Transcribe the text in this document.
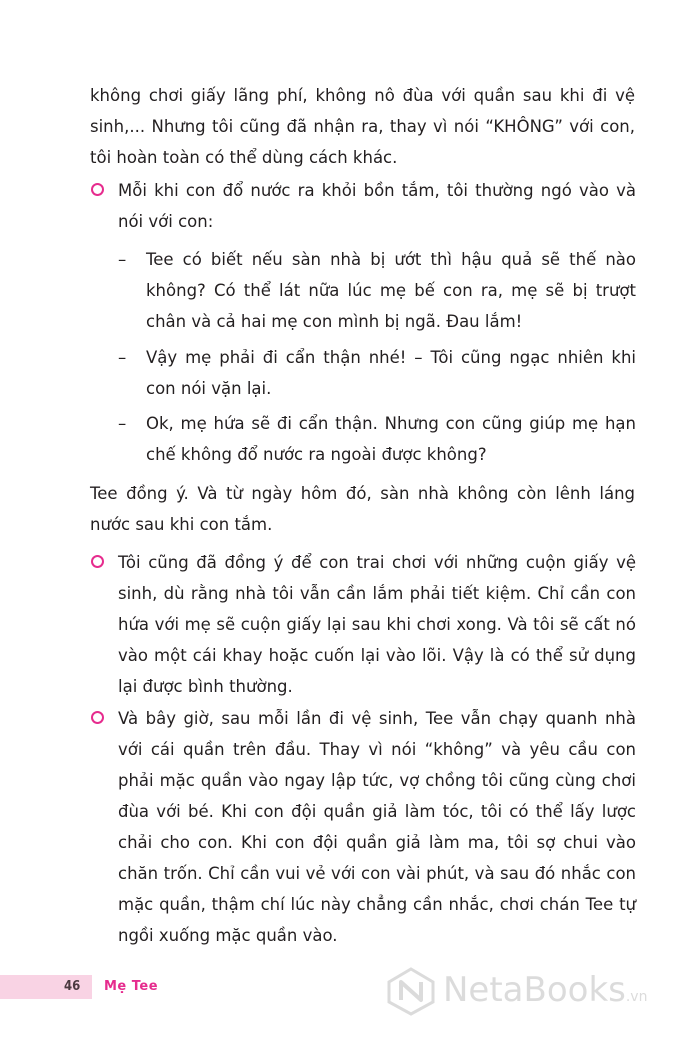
không chơi giấy lãng phí, không nô đùa với quần sau khi đi vệ sinh,... Nhưng tôi cũng đã nhận ra, thay vì nói “KHÔNG” với con, tôi hoàn toàn có thể dùng cách khác.

Mỗi khi con đổ nước ra khỏi bồn tắm, tôi thường ngó vào và nói với con:

– Tee có biết nếu sàn nhà bị ướt thì hậu quả sẽ thế nào không? Có thể lát nữa lúc mẹ bế con ra, mẹ sẽ bị trượt chân và cả hai mẹ con mình bị ngã. Đau lắm!

– Vậy mẹ phải đi cẩn thận nhé! – Tôi cũng ngạc nhiên khi con nói vặn lại.

– Ok, mẹ hứa sẽ đi cẩn thận. Nhưng con cũng giúp mẹ hạn chế không đổ nước ra ngoài được không?

Tee đồng ý. Và từ ngày hôm đó, sàn nhà không còn lênh láng nước sau khi con tắm.

Tôi cũng đã đồng ý để con trai chơi với những cuộn giấy vệ sinh, dù rằng nhà tôi vẫn cần lắm phải tiết kiệm. Chỉ cần con hứa với mẹ sẽ cuộn giấy lại sau khi chơi xong. Và tôi sẽ cất nó vào một cái khay hoặc cuốn lại vào lõi. Vậy là có thể sử dụng lại được bình thường.

Và bây giờ, sau mỗi lần đi vệ sinh, Tee vẫn chạy quanh nhà với cái quần trên đầu. Thay vì nói “không” và yêu cầu con phải mặc quần vào ngay lập tức, vợ chồng tôi cũng cùng chơi đùa với bé. Khi con đội quần giả làm tóc, tôi có thể lấy lược chải cho con. Khi con đội quần giả làm ma, tôi sợ chui vào chăn trốn. Chỉ cần vui vẻ với con vài phút, và sau đó nhắc con mặc quần, thậm chí lúc này chẳng cần nhắc, chơi chán Tee tự ngồi xuống mặc quần vào.

46 Mẹ Tee	NetaBooks.vn
